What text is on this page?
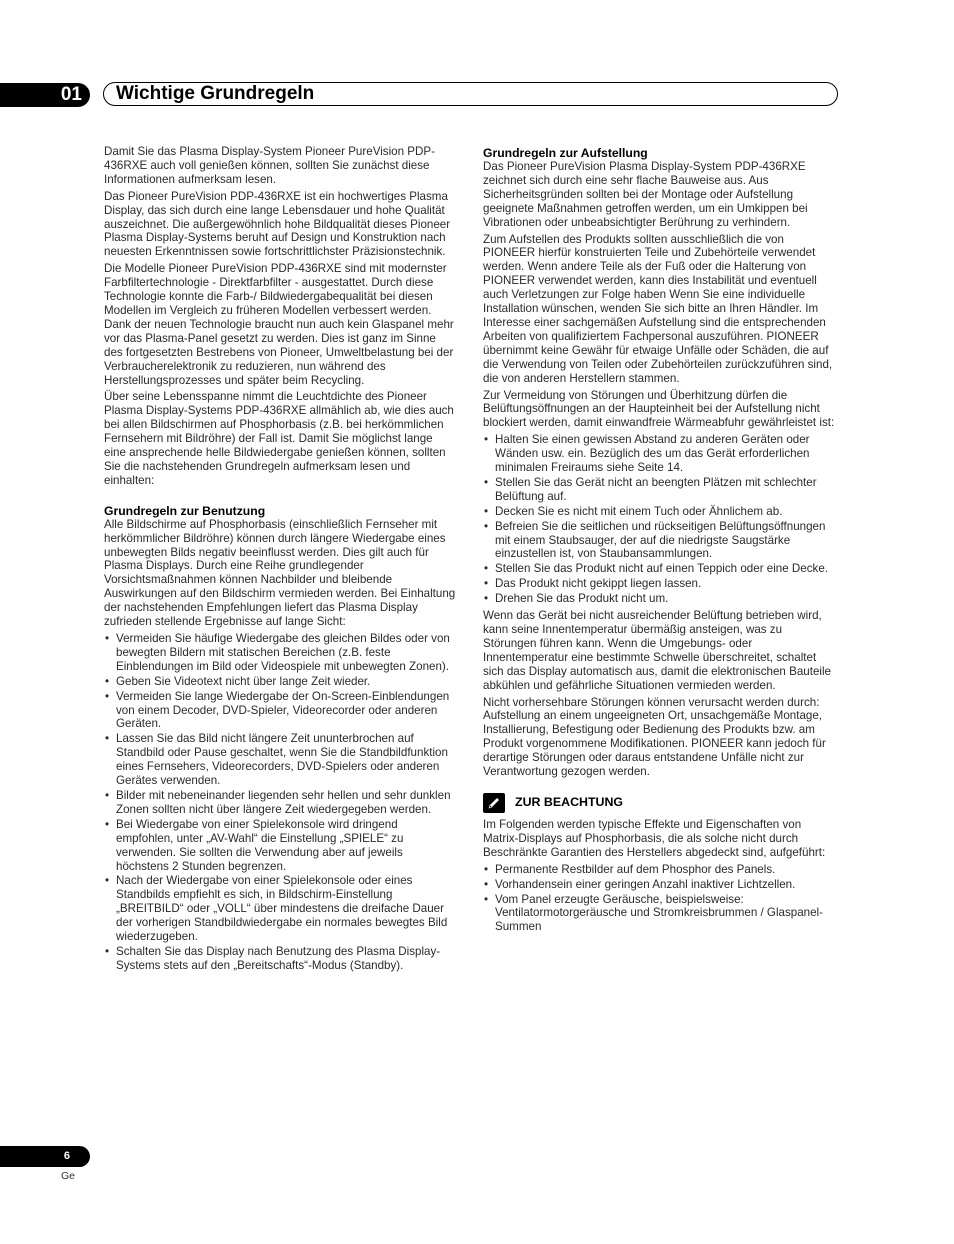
01	Wichtige Grundregeln

Damit Sie das Plasma Display-System Pioneer PureVision PDP-436RXE auch voll genießen können, sollten Sie zunächst diese Informationen aufmerksam lesen.

Das Pioneer PureVision PDP-436RXE ist ein hochwertiges Plasma Display, das sich durch eine lange Lebensdauer und hohe Qualität auszeichnet. Die außergewöhnlich hohe Bildqualität dieses Pioneer Plasma Display-Systems beruht auf Design und Konstruktion nach neuesten Erkenntnissen sowie fortschrittlichster Präzisionstechnik.

Die Modelle Pioneer PureVision PDP-436RXE sind mit modernster Farbfiltertechnologie - Direktfarbfilter - ausgestattet. Durch diese Technologie konnte die Farb-/ Bildwiedergabequalität bei diesen Modellen im Vergleich zu früheren Modellen verbessert werden. Dank der neuen Technologie braucht nun auch kein Glaspanel mehr vor das Plasma-Panel gesetzt zu werden. Dies ist ganz im Sinne des fortgesetzten Bestrebens von Pioneer, Umweltbelastung bei der Verbraucherelektronik zu reduzieren, nun während des Herstellungsprozesses und später beim Recycling.

Über seine Lebensspanne nimmt die Leuchtdichte des Pioneer Plasma Display-Systems PDP-436RXE allmählich ab, wie dies auch bei allen Bildschirmen auf Phosphorbasis (z.B. bei herkömmlichen Fernsehern mit Bildröhre) der Fall ist. Damit Sie möglichst lange eine ansprechende helle Bildwiedergabe genießen können, sollten Sie die nachstehenden Grundregeln aufmerksam lesen und einhalten:

Grundregeln zur Benutzung

Alle Bildschirme auf Phosphorbasis (einschließlich Fernseher mit herkömmlicher Bildröhre) können durch längere Wiedergabe eines unbewegten Bilds negativ beeinflusst werden. Dies gilt auch für Plasma Displays. Durch eine Reihe grundlegender Vorsichtsmaßnahmen können Nachbilder und bleibende Auswirkungen auf den Bildschirm vermieden werden. Bei Einhaltung der nachstehenden Empfehlungen liefert das Plasma Display zufrieden stellende Ergebnisse auf lange Sicht:

• Vermeiden Sie häufige Wiedergabe des gleichen Bildes oder von bewegten Bildern mit statischen Bereichen (z.B. feste Einblendungen im Bild oder Videospiele mit unbewegten Zonen).
• Geben Sie Videotext nicht über lange Zeit wieder.
• Vermeiden Sie lange Wiedergabe der On-Screen-Einblendungen von einem Decoder, DVD-Spieler, Videorecorder oder anderen Geräten.
• Lassen Sie das Bild nicht längere Zeit ununterbrochen auf Standbild oder Pause geschaltet, wenn Sie die Standbildfunktion eines Fernsehers, Videorecorders, DVD-Spielers oder anderen Gerätes verwenden.
• Bilder mit nebeneinander liegenden sehr hellen und sehr dunklen Zonen sollten nicht über längere Zeit wiedergegeben werden.
• Bei Wiedergabe von einer Spielekonsole wird dringend empfohlen, unter „AV-Wahl“ die Einstellung „SPIELE“ zu verwenden. Sie sollten die Verwendung aber auf jeweils höchstens 2 Stunden begrenzen.
• Nach der Wiedergabe von einer Spielekonsole oder eines Standbilds empfiehlt es sich, in Bildschirm-Einstellung „BREITBILD“ oder „VOLL“ über mindestens die dreifache Dauer der vorherigen Standbildwiedergabe ein normales bewegtes Bild wiederzugeben.
• Schalten Sie das Display nach Benutzung des Plasma Display-Systems stets auf den „Bereitschafts“-Modus (Standby).
Grundregeln zur Aufstellung

Das Pioneer PureVision Plasma Display-System PDP-436RXE zeichnet sich durch eine sehr flache Bauweise aus. Aus Sicherheitsgründen sollten bei der Montage oder Aufstellung geeignete Maßnahmen getroffen werden, um ein Umkippen bei Vibrationen oder unbeabsichtigter Berührung zu verhindern.

Zum Aufstellen des Produkts sollten ausschließlich die von PIONEER hierfür konstruierten Teile und Zubehörteile verwendet werden. Wenn andere Teile als der Fuß oder die Halterung von PIONEER verwendet werden, kann dies Instabilität und eventuell auch Verletzungen zur Folge haben Wenn Sie eine individuelle Installation wünschen, wenden Sie sich bitte an Ihren Händler. Im Interesse einer sachgemäßen Aufstellung sind die entsprechenden Arbeiten von qualifiziertem Fachpersonal auszuführen. PIONEER übernimmt keine Gewähr für etwaige Unfälle oder Schäden, die auf die Verwendung von Teilen oder Zubehörteilen zurückzuführen sind, die von anderen Herstellern stammen.

Zur Vermeidung von Störungen und Überhitzung dürfen die Belüftungsöffnungen an der Haupteinheit bei der Aufstellung nicht blockiert werden, damit einwandfreie Wärmeabfuhr gewährleistet ist:

• Halten Sie einen gewissen Abstand zu anderen Geräten oder Wänden usw. ein. Bezüglich des um das Gerät erforderlichen minimalen Freiraums siehe Seite 14.
• Stellen Sie das Gerät nicht an beengten Plätzen mit schlechter Belüftung auf.
• Decken Sie es nicht mit einem Tuch oder Ähnlichem ab.
• Befreien Sie die seitlichen und rückseitigen Belüftungsöffnungen mit einem Staubsauger, der auf die niedrigste Saugstärke einzustellen ist, von Staubansammlungen.
• Stellen Sie das Produkt nicht auf einen Teppich oder eine Decke.
• Das Produkt nicht gekippt liegen lassen.
• Drehen Sie das Produkt nicht um.

Wenn das Gerät bei nicht ausreichender Belüftung betrieben wird, kann seine Innentemperatur übermäßig ansteigen, was zu Störungen führen kann. Wenn die Umgebungs- oder Innentemperatur eine bestimmte Schwelle überschreitet, schaltet sich das Display automatisch aus, damit die elektronischen Bauteile abkühlen und gefährliche Situationen vermieden werden.

Nicht vorhersehbare Störungen können verursacht werden durch: Aufstellung an einem ungeeigneten Ort, unsachgemäße Montage, Installierung, Befestigung oder Bedienung des Produkts bzw. am Produkt vorgenommene Modifikationen. PIONEER kann jedoch für derartige Störungen oder daraus entstandene Unfälle nicht zur Verantwortung gezogen werden.

ZUR BEACHTUNG

Im Folgenden werden typische Effekte und Eigenschaften von Matrix-Displays auf Phosphorbasis, die als solche nicht durch Beschränkte Garantien des Herstellers abgedeckt sind, aufgeführt:

• Permanente Restbilder auf dem Phosphor des Panels.
• Vorhandensein einer geringen Anzahl inaktiver Lichtzellen.
• Vom Panel erzeugte Geräusche, beispielsweise: Ventilatormotorgeräusche und Stromkreisbrummen / Glaspanel-Summen
6
Ge
